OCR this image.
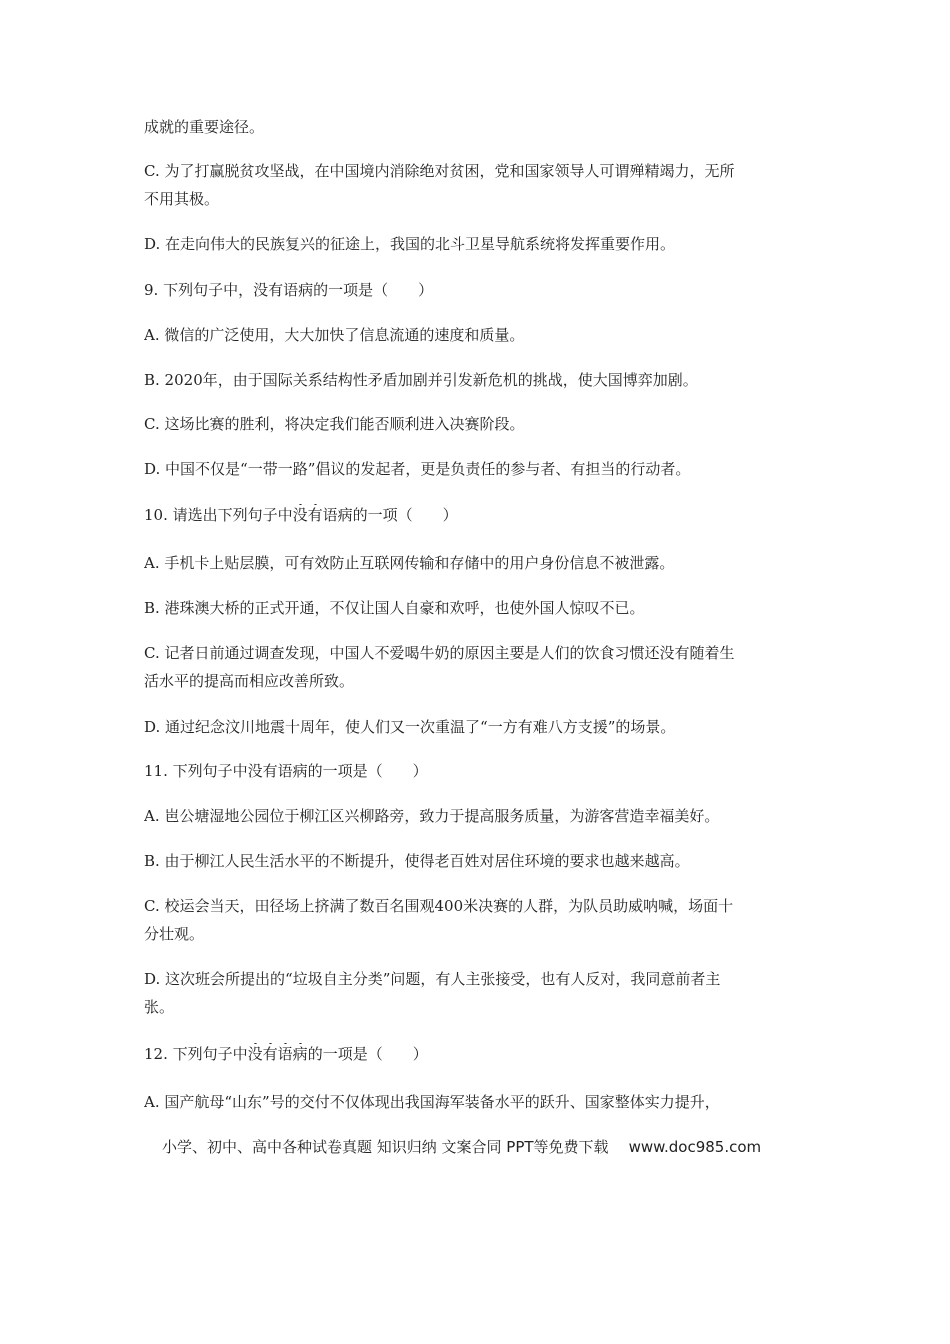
成就的重要途径。
C. 为了打赢脱贫攻坚战，在中国境内消除绝对贫困，党和国家领导人可谓殚精竭力，无所
不用其极。
D. 在走向伟大的民族复兴的征途上，我国的北斗卫星导航系统将发挥重要作用。
9. 下列句子中，没有语病的一项是（　　）
A. 微信的广泛使用，大大加快了信息流通的速度和质量。
B. 2020年，由于国际关系结构性矛盾加剧并引发新危机的挑战，使大国博弈加剧。
C. 这场比赛的胜利，将决定我们能否顺利进入决赛阶段。
D. 中国不仅是“一带一路”倡议的发起者，更是负责任的参与者、有担当的行动者。
10. 请选出下列句子中没有语病的一项（　　）
A. 手机卡上贴层膜，可有效防止互联网传输和存储中的用户身份信息不被泄露。
B. 港珠澳大桥的正式开通，不仅让国人自豪和欢呼，也使外国人惊叹不已。
C. 记者日前通过调查发现，中国人不爱喝牛奶的原因主要是人们的饮食习惯还没有随着生
活水平的提高而相应改善所致。
D. 通过纪念汶川地震十周年，使人们又一次重温了“一方有难八方支援”的场景。
11. 下列句子中没有语病的一项是（　　）
A. 岜公塘湿地公园位于柳江区兴柳路旁，致力于提高服务质量，为游客营造幸福美好。
B. 由于柳江人民生活水平的不断提升，使得老百姓对居住环境的要求也越来越高。
C. 校运会当天，田径场上挤满了数百名围观400米决赛的人群，为队员助威呐喊，场面十
分壮观。
D. 这次班会所提出的“垃圾自主分类”问题，有人主张接受，也有人反对，我同意前者主
张。
12. 下列句子中没有语病的一项是（　　）
A. 国产航母“山东”号的交付不仅体现出我国海军装备水平的跃升、国家整体实力提升，
小学、初中、高中各种试卷真题 知识归纳 文案合同 PPT等免费下载 www.doc985.com
